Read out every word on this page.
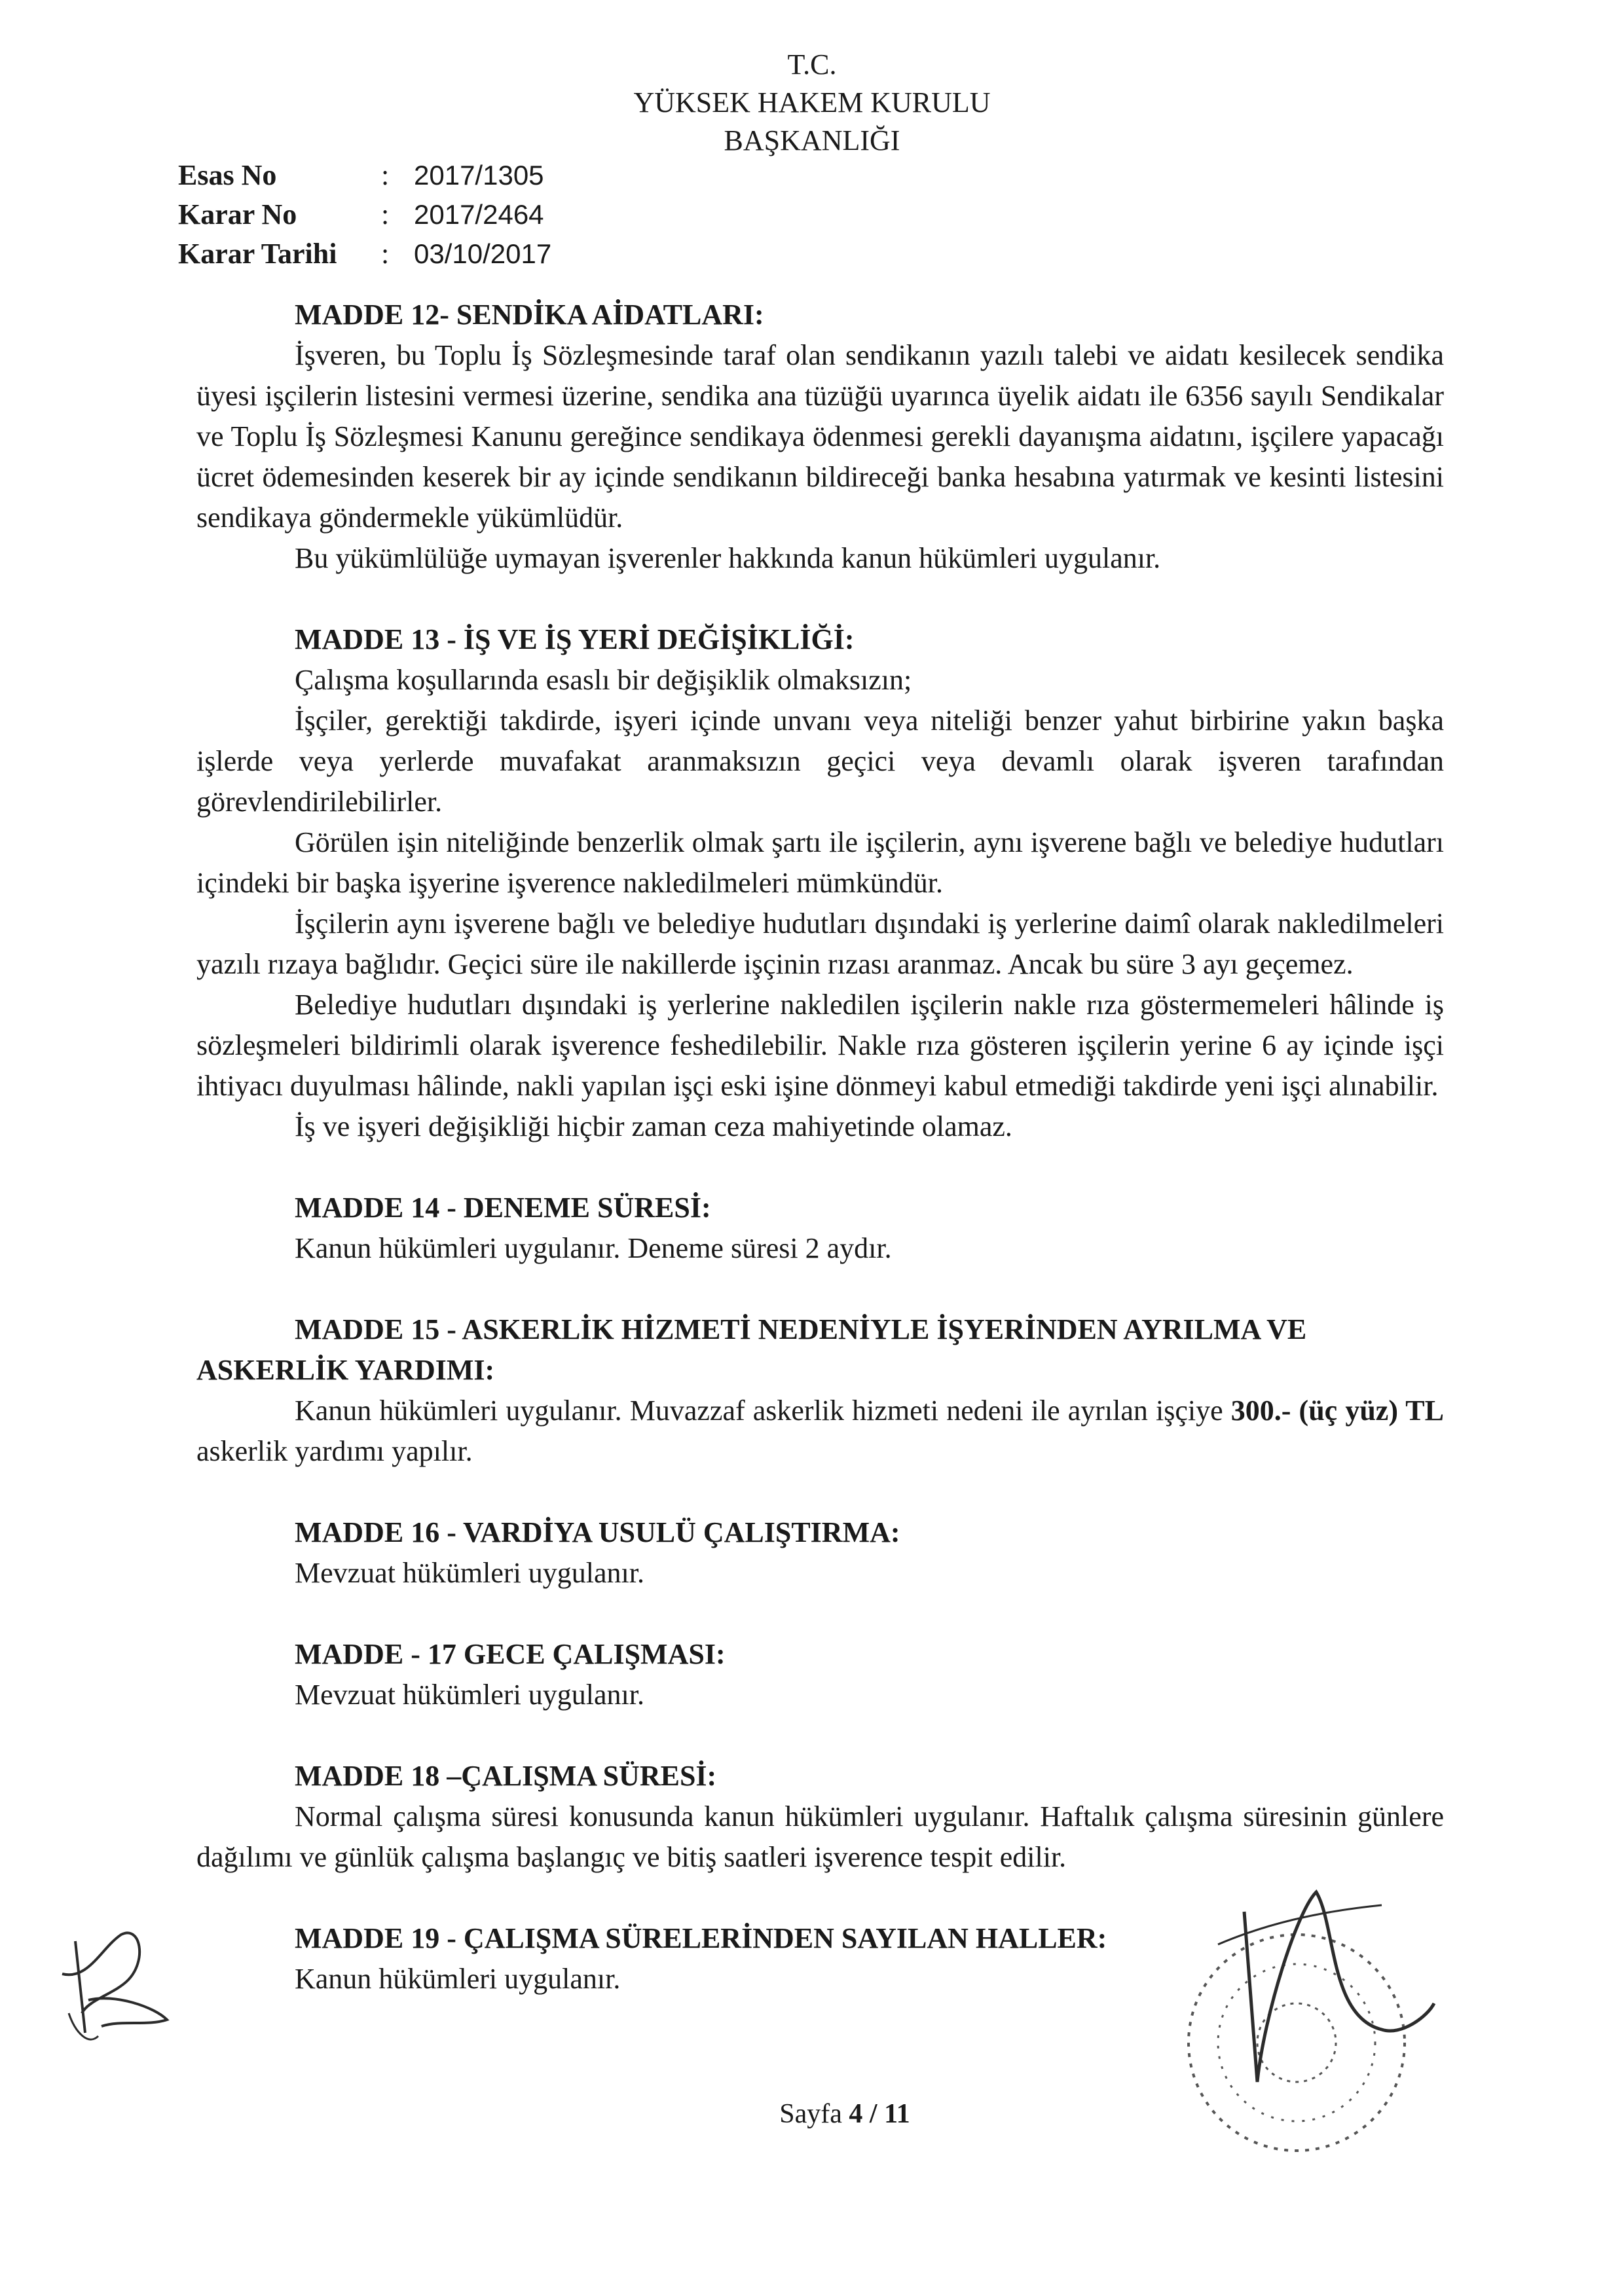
T.C.
YÜKSEK HAKEM KURULU
BAŞKANLIĞI
Esas No	: 2017/1305
Karar No	: 2017/2464
Karar Tarihi	: 03/10/2017

MADDE 12- SENDİKA AİDATLARI:

İşveren, bu Toplu İş Sözleşmesinde taraf olan sendikanın yazılı talebi ve aidatı kesilecek sendika üyesi işçilerin listesini vermesi üzerine, sendika ana tüzüğü uyarınca üyelik aidatı ile 6356 sayılı Sendikalar ve Toplu İş Sözleşmesi Kanunu gereğince sendikaya ödenmesi gerekli dayanışma aidatını, işçilere yapacağı ücret ödemesinden keserek bir ay içinde sendikanın bildireceği banka hesabına yatırmak ve kesinti listesini sendikaya göndermekle yükümlüdür.

Bu yükümlülüğe uymayan işverenler hakkında kanun hükümleri uygulanır.

MADDE 13 - İŞ VE İŞ YERİ DEĞİŞİKLİĞİ:

Çalışma koşullarında esaslı bir değişiklik olmaksızın;

İşçiler, gerektiği takdirde, işyeri içinde unvanı veya niteliği benzer yahut birbirine yakın başka işlerde veya yerlerde muvafakat aranmaksızın geçici veya devamlı olarak işveren tarafından görevlendirilebilirler.

Görülen işin niteliğinde benzerlik olmak şartı ile işçilerin, aynı işverene bağlı ve belediye hudutları içindeki bir başka işyerine işverence nakledilmeleri mümkündür.

İşçilerin aynı işverene bağlı ve belediye hudutları dışındaki iş yerlerine daimî olarak nakledilmeleri yazılı rızaya bağlıdır. Geçici süre ile nakillerde işçinin rızası aranmaz. Ancak bu süre 3 ayı geçemez.

Belediye hudutları dışındaki iş yerlerine nakledilen işçilerin nakle rıza göstermemeleri hâlinde iş sözleşmeleri bildirimli olarak işverence feshedilebilir. Nakle rıza gösteren işçilerin yerine 6 ay içinde işçi ihtiyacı duyulması hâlinde, nakli yapılan işçi eski işine dönmeyi kabul etmediği takdirde yeni işçi alınabilir.

İş ve işyeri değişikliği hiçbir zaman ceza mahiyetinde olamaz.

MADDE 14 - DENEME SÜRESİ:

Kanun hükümleri uygulanır. Deneme süresi 2 aydır.

MADDE 15 - ASKERLİK HİZMETİ NEDENİYLE İŞYERİNDEN AYRILMA VE ASKERLİK YARDIMI:

Kanun hükümleri uygulanır. Muvazzaf askerlik hizmeti nedeni ile ayrılan işçiye 300.- (üç yüz) TL askerlik yardımı yapılır.

MADDE 16 - VARDİYA USULÜ ÇALIŞTIRMA:

Mevzuat hükümleri uygulanır.

MADDE - 17 GECE ÇALIŞMASI:

Mevzuat hükümleri uygulanır.

MADDE 18 –ÇALIŞMA SÜRESİ:

Normal çalışma süresi konusunda kanun hükümleri uygulanır. Haftalık çalışma süresinin günlere dağılımı ve günlük çalışma başlangıç ve bitiş saatleri işverence tespit edilir.

MADDE 19 - ÇALIŞMA SÜRELERİNDEN SAYILAN HALLER:

Kanun hükümleri uygulanır.

Sayfa 4 / 11
